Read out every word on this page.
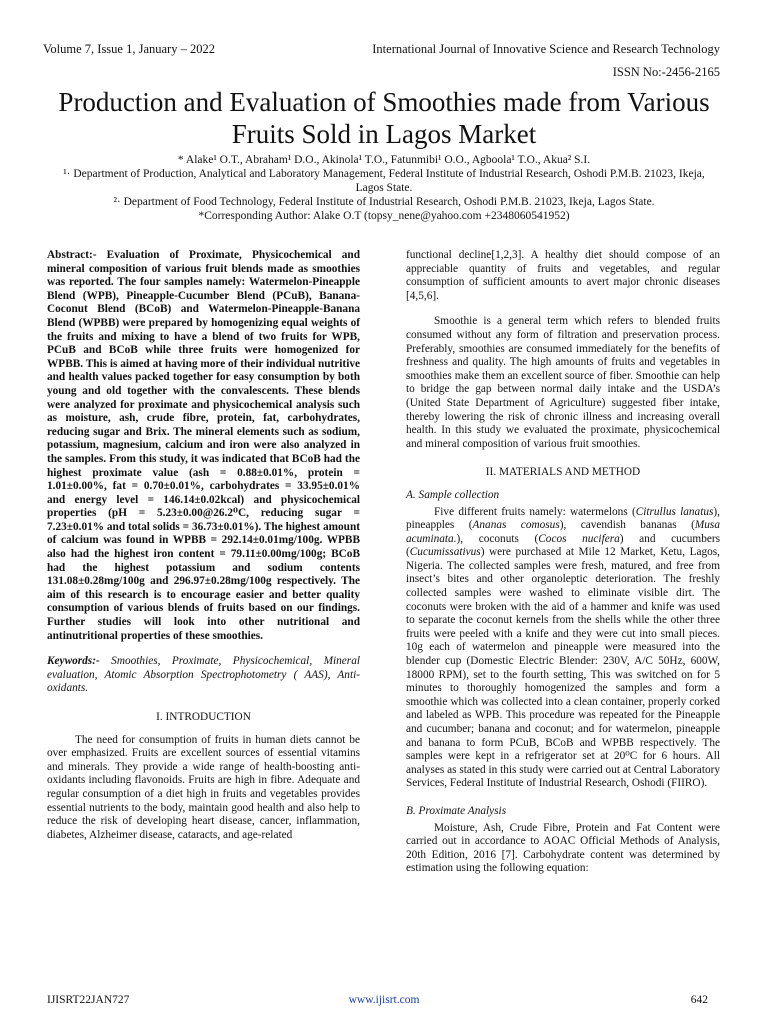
Volume 7, Issue 1, January – 2022	International Journal of Innovative Science and Research Technology
ISSN No:-2456-2165
Production and Evaluation of Smoothies made from Various Fruits Sold in Lagos Market
* Alake¹ O.T., Abraham¹ D.O., Akinola¹ T.O., Fatunmibi¹ O.O., Agboola¹ T.O., Akua² S.I.
¹· Department of Production, Analytical and Laboratory Management, Federal Institute of Industrial Research, Oshodi P.M.B. 21023, Ikeja, Lagos State.
²· Department of Food Technology, Federal Institute of Industrial Research, Oshodi P.M.B. 21023, Ikeja, Lagos State.
*Corresponding Author: Alake O.T (topsy_nene@yahoo.com +2348060541952)

Abstract:- Evaluation of Proximate, Physicochemical and mineral composition of various fruit blends made as smoothies was reported. The four samples namely: Watermelon-Pineapple Blend (WPB), Pineapple-Cucumber Blend (PCuB), Banana-Coconut Blend (BCoB) and Watermelon-Pineapple-Banana Blend (WPBB) were prepared by homogenizing equal weights of the fruits and mixing to have a blend of two fruits for WPB, PCuB and BCoB while three fruits were homogenized for WPBB. This is aimed at having more of their individual nutritive and health values packed together for easy consumption by both young and old together with the convalescents. These blends were analyzed for proximate and physicochemical analysis such as moisture, ash, crude fibre, protein, fat, carbohydrates, reducing sugar and Brix. The mineral elements such as sodium, potassium, magnesium, calcium and iron were also analyzed in the samples. From this study, it was indicated that BCoB had the highest proximate value (ash = 0.88±0.01%, protein = 1.01±0.00%, fat = 0.70±0.01%, carbohydrates = 33.95±0.01% and energy level = 146.14±0.02kcal) and physicochemical properties (pH = 5.23±0.00@26.2⁰C, reducing sugar = 7.23±0.01% and total solids = 36.73±0.01%). The highest amount of calcium was found in WPBB = 292.14±0.01mg/100g. WPBB also had the highest iron content = 79.11±0.00mg/100g; BCoB had the highest potassium and sodium contents 131.08±0.28mg/100g and 296.97±0.28mg/100g respectively. The aim of this research is to encourage easier and better quality consumption of various blends of fruits based on our findings. Further studies will look into other nutritional and antinutritional properties of these smoothies.

Keywords:- Smoothies, Proximate, Physicochemical, Mineral evaluation, Atomic Absorption Spectrophotometry ( AAS), Anti-oxidants.

I. INTRODUCTION

The need for consumption of fruits in human diets cannot be over emphasized. Fruits are excellent sources of essential vitamins and minerals. They provide a wide range of health-boosting anti-oxidants including flavonoids. Fruits are high in fibre. Adequate and regular consumption of a diet high in fruits and vegetables provides essential nutrients to the body, maintain good health and also help to reduce the risk of developing heart disease, cancer, inflammation, diabetes, Alzheimer disease, cataracts, and age-related

functional decline[1,2,3]. A healthy diet should compose of an appreciable quantity of fruits and vegetables, and regular consumption of sufficient amounts to avert major chronic diseases [4,5,6].

Smoothie is a general term which refers to blended fruits consumed without any form of filtration and preservation process. Preferably, smoothies are consumed immediately for the benefits of freshness and quality. The high amounts of fruits and vegetables in smoothies make them an excellent source of fiber. Smoothie can help to bridge the gap between normal daily intake and the USDA’s (United State Department of Agriculture) suggested fiber intake, thereby lowering the risk of chronic illness and increasing overall health. In this study we evaluated the proximate, physicochemical and mineral composition of various fruit smoothies.

II. MATERIALS AND METHOD

A. Sample collection

Five different fruits namely: watermelons (Citrullus lanatus), pineapples (Ananas comosus), cavendish bananas (Musa acuminata.), coconuts (Cocos nucifera) and cucumbers (Cucumissativus) were purchased at Mile 12 Market, Ketu, Lagos, Nigeria. The collected samples were fresh, matured, and free from insect’s bites and other organoleptic deterioration. The freshly collected samples were washed to eliminate visible dirt. The coconuts were broken with the aid of a hammer and knife was used to separate the coconut kernels from the shells while the other three fruits were peeled with a knife and they were cut into small pieces. 10g each of watermelon and pineapple were measured into the blender cup (Domestic Electric Blender: 230V, A/C 50Hz, 600W, 18000 RPM), set to the fourth setting, This was switched on for 5 minutes to thoroughly homogenized the samples and form a smoothie which was collected into a clean container, properly corked and labeled as WPB. This procedure was repeated for the Pineapple and cucumber; banana and coconut; and for watermelon, pineapple and banana to form PCuB, BCoB and WPBB respectively. The samples were kept in a refrigerator set at 20⁰C for 6 hours. All analyses as stated in this study were carried out at Central Laboratory Services, Federal Institute of Industrial Research, Oshodi (FIIRO).

B. Proximate Analysis

Moisture, Ash, Crude Fibre, Protein and Fat Content were carried out in accordance to AOAC Official Methods of Analysis, 20th Edition, 2016 [7]. Carbohydrate content was determined by estimation using the following equation:

IJISRT22JAN727	www.ijisrt.com	642
